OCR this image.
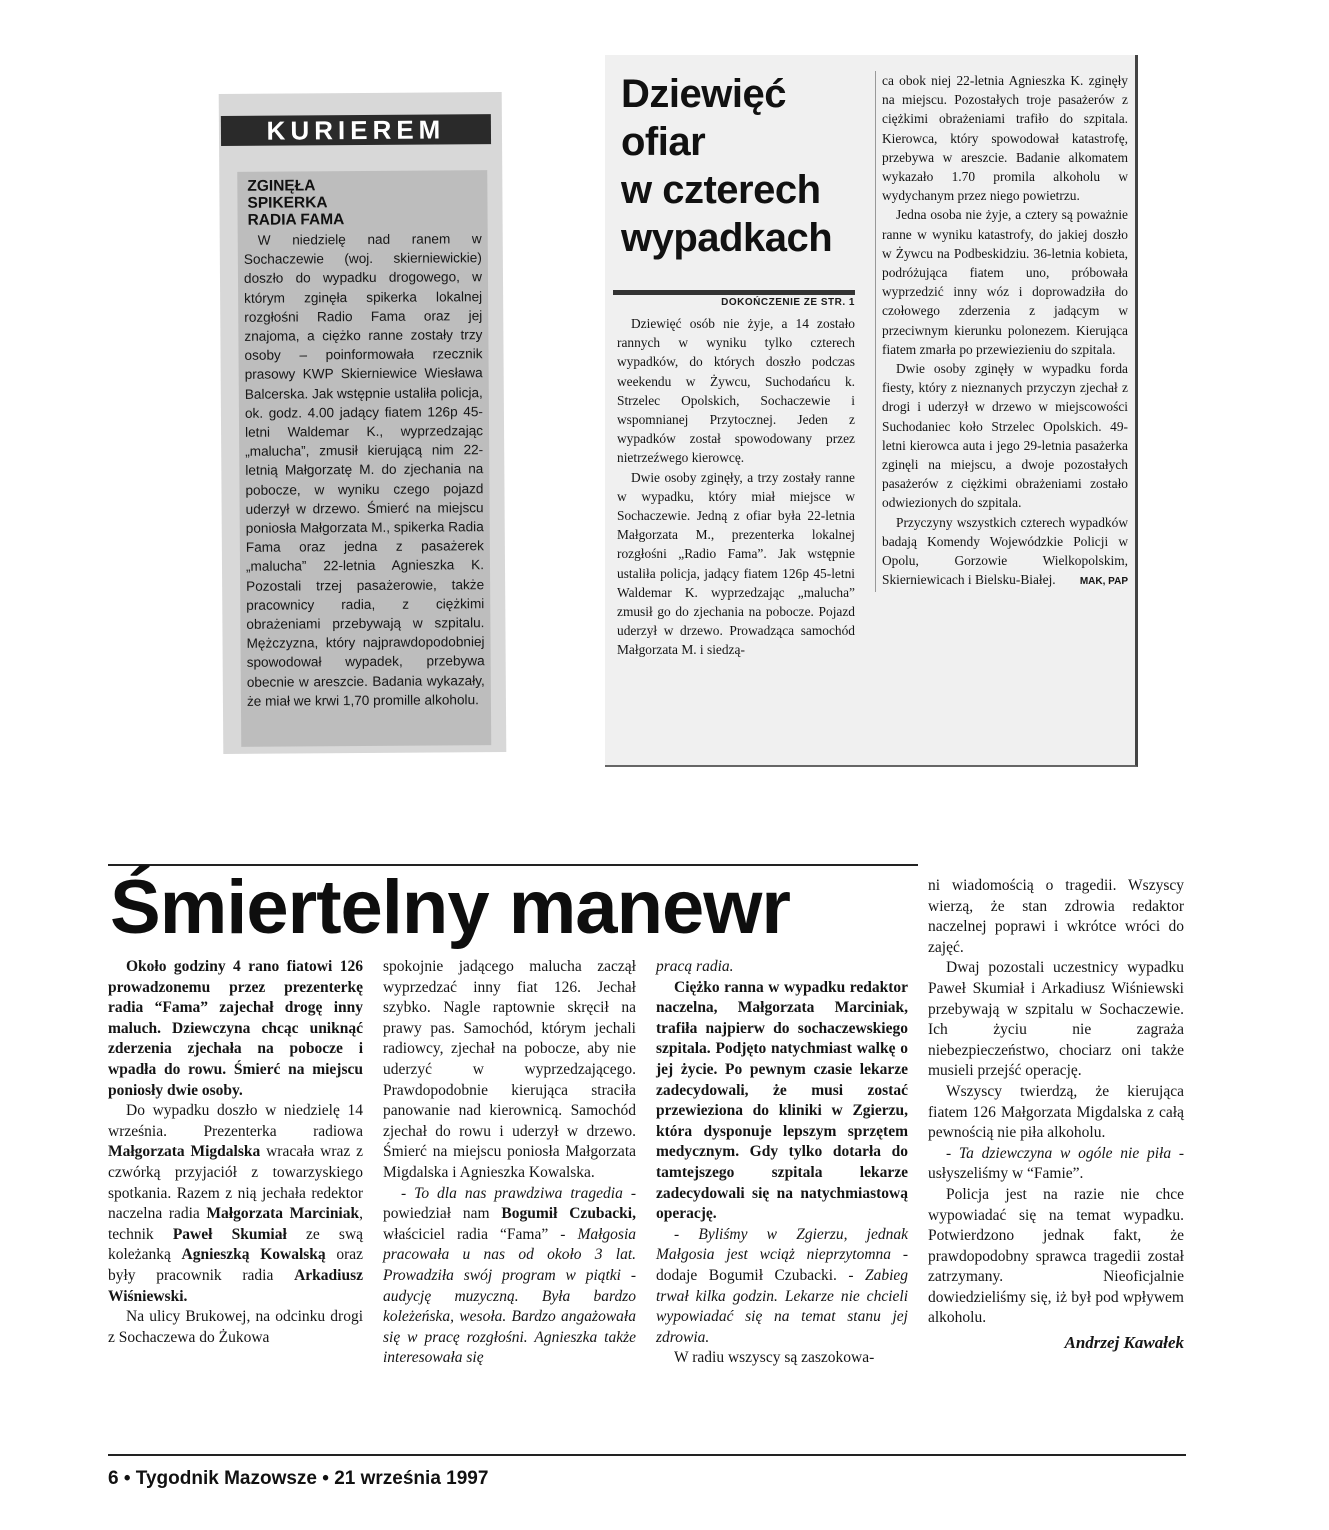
KURIEREM
ZGINĘŁA
SPIKERKA
RADIA FAMA
W niedzielę nad ranem w Sochaczewie (woj. skierniewickie) doszło do wypadku drogowego, w którym zginęła spikerka lokalnej rozgłośni Radio Fama oraz jej znajoma, a ciężko ranne zostały trzy osoby – poinformowała rzecznik prasowy KWP Skierniewice Wiesława Balcerska. Jak wstępnie ustaliła policja, ok. godz. 4.00 jadący fiatem 126p 45-letni Waldemar K., wyprzedzając „malucha”, zmusił kierującą nim 22-letnią Małgorzatę M. do zjechania na pobocze, w wyniku czego pojazd uderzył w drzewo. Śmierć na miejscu poniosła Małgorzata M., spikerka Radia Fama oraz jedna z pasażerek „malucha” 22-letnia Agnieszka K. Pozostali trzej pasażerowie, także pracownicy radia, z ciężkimi obrażeniami przebywają w szpitalu. Mężczyzna, który najprawdopodobniej spowodował wypadek, przebywa obecnie w areszcie. Badania wykazały, że miał we krwi 1,70 promille alkoholu.
Dziewięć
ofiar
w czterech
wypadkach
DOKOŃCZENIE ZE STR. 1

Dziewięć osób nie żyje, a 14 zostało rannych w wyniku tylko czterech wypadków, do których doszło podczas weekendu w Żywcu, Suchodańcu k. Strzelec Opolskich, Sochaczewie i wspomnianej Przytocznej. Jeden z wypadków został spowodowany przez nietrzeźwego kierowcę.

Dwie osoby zginęły, a trzy zostały ranne w wypadku, który miał miejsce w Sochaczewie. Jedną z ofiar była 22-letnia Małgorzata M., prezenterka lokalnej rozgłośni „Radio Fama”. Jak wstępnie ustaliła policja, jadący fiatem 126p 45-letni Waldemar K. wyprzedzając „malucha” zmusił go do zjechania na pobocze. Pojazd uderzył w drzewo. Prowadząca samochód Małgorzata M. i siedzą-

ca obok niej 22-letnia Agnieszka K. zginęły na miejscu. Pozostałych troje pasażerów z ciężkimi obrażeniami trafiło do szpitala. Kierowca, który spowodował katastrofę, przebywa w areszcie. Badanie alkomatem wykazało 1.70 promila alkoholu w wydychanym przez niego powietrzu.

Jedna osoba nie żyje, a cztery są poważnie ranne w wyniku katastrofy, do jakiej doszło w Żywcu na Podbeskidziu. 36-letnia kobieta, podróżująca fiatem uno, próbowała wyprzedzić inny wóz i doprowadziła do czołowego zderzenia z jadącym w przeciwnym kierunku polonezem. Kierująca fiatem zmarła po przewiezieniu do szpitala.

Dwie osoby zginęły w wypadku forda fiesty, który z nieznanych przyczyn zjechał z drogi i uderzył w drzewo w miejscowości Suchodaniec koło Strzelec Opolskich. 49-letni kierowca auta i jego 29-letnia pasażerka zginęli na miejscu, a dwoje pozostałych pasażerów z ciężkimi obrażeniami zostało odwiezionych do szpitala.

Przyczyny wszystkich czterech wypadków badają Komendy Wojewódzkie Policji w Opolu, Gorzowie Wielkopolskim, Skierniewicach i Bielsku-Białej.	MAK, PAP
Śmiertelny manewr

Około godziny 4 rano fiatowi 126 prowadzonemu przez prezenterkę radia “Fama” zajechał drogę inny maluch. Dziewczyna chcąc uniknąć zderzenia zjechała na pobocze i wpadła do rowu. Śmierć na miejscu poniosły dwie osoby.

Do wypadku doszło w niedzielę 14 września. Prezenterka radiowa Małgorzata Migdalska wracała wraz z czwórką przyjaciół z towarzyskiego spotkania. Razem z nią jechała redektor naczelna radia Małgorzata Marciniak, technik Paweł Skumiał ze swą koleżanką Agnieszką Kowalską oraz były pracownik radia Arkadiusz Wiśniewski.

Na ulicy Brukowej, na odcinku drogi z Sochaczewa do Żukowa

spokojnie jadącego malucha zaczął wyprzedzać inny fiat 126. Jechał szybko. Nagle raptownie skręcił na prawy pas. Samochód, którym jechali radiowcy, zjechał na pobocze, aby nie uderzyć w wyprzedzającego. Prawdopodobnie kierująca straciła panowanie nad kierownicą. Samochód zjechał do rowu i uderzył w drzewo. Śmierć na miejscu poniosła Małgorzata Migdalska i Agnieszka Kowalska.

- To dla nas prawdziwa tragedia - powiedział nam Bogumił Czubacki, właściciel radia “Fama” - Małgosia pracowała u nas od około 3 lat. Prowadziła swój program w piątki - audycję muzyczną. Była bardzo koleżeńska, wesoła. Bardzo angażowała się w pracę rozgłośni. Agnieszka także interesowała się

pracą radia.

Ciężko ranna w wypadku redaktor naczelna, Małgorzata Marciniak, trafiła najpierw do sochaczewskiego szpitala. Podjęto natychmiast walkę o jej życie. Po pewnym czasie lekarze zadecydowali, że musi zostać przewieziona do kliniki w Zgierzu, która dysponuje lepszym sprzętem medycznym. Gdy tylko dotarła do tamtejszego szpitala lekarze zadecydowali się na natychmiastową operację.

- Byliśmy w Zgierzu, jednak Małgosia jest wciąż nieprzytomna - dodaje Bogumił Czubacki. - Zabieg trwał kilka godzin. Lekarze nie chcieli wypowiadać się na temat stanu jej zdrowia.

W radiu wszyscy są zaszokowa-

ni wiadomością o tragedii. Wszyscy wierzą, że stan zdrowia redaktor naczelnej poprawi i wkrótce wróci do zajęć.

Dwaj pozostali uczestnicy wypadku Paweł Skumiał i Arkadiusz Wiśniewski przebywają w szpitalu w Sochaczewie. Ich życiu nie zagraża niebezpieczeństwo, chociarz oni także musieli przejść operację.

Wszyscy twierdzą, że kierująca fiatem 126 Małgorzata Migdalska z całą pewnością nie piła alkoholu.

- Ta dziewczyna w ogóle nie piła - usłyszeliśmy w “Famie”.

Policja jest na razie nie chce wypowiadać się na temat wypadku. Potwierdzono jednak fakt, że prawdopodobny sprawca tragedii został zatrzymany. Nieoficjalnie dowiedzieliśmy się, iż był pod wpływem alkoholu.

Andrzej Kawałek
6 • Tygodnik Mazowsze • 21 września 1997
